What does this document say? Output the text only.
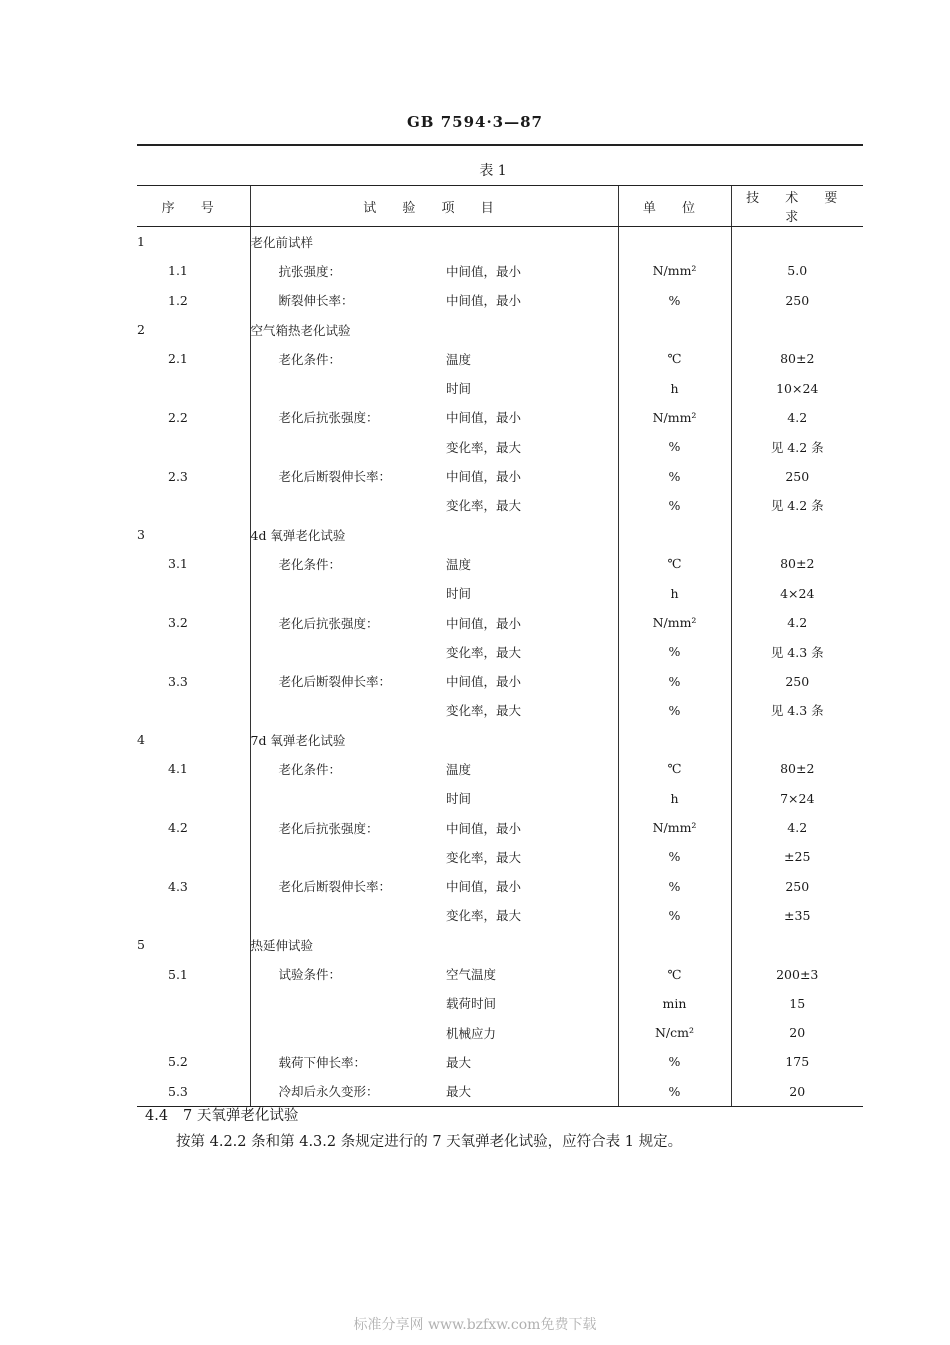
GB 7594·3—87
表 1
序 号	试 验 项 目		单 位	技 术 要 求
1	老化前试样			
1.1	抗张强度：	中间值，最小	N/mm²	5.0
1.2	断裂伸长率：	中间值，最小	%	250
2	空气箱热老化试验			
2.1	老化条件：	温度	℃	80±2
		时间	h	10×24
2.2	老化后抗张强度：	中间值，最小	N/mm²	4.2
		变化率，最大	%	见 4.2 条
2.3	老化后断裂伸长率：	中间值，最小	%	250
		变化率，最大	%	见 4.2 条
3	4d 氧弹老化试验			
3.1	老化条件：	温度	℃	80±2
		时间	h	4×24
3.2	老化后抗张强度：	中间值，最小	N/mm²	4.2
		变化率，最大	%	见 4.3 条
3.3	老化后断裂伸长率：	中间值，最小	%	250
		变化率，最大	%	见 4.3 条
4	7d 氧弹老化试验			
4.1	老化条件：	温度	℃	80±2
		时间	h	7×24
4.2	老化后抗张强度：	中间值，最小	N/mm²	4.2
		变化率，最大	%	±25
4.3	老化后断裂伸长率：	中间值，最小	%	250
		变化率，最大	%	±35
5	热延伸试验			
5.1	试验条件：	空气温度	℃	200±3
		载荷时间	min	15
		机械应力	N/cm²	20
5.2	载荷下伸长率：	最大	%	175
5.3	冷却后永久变形：	最大	%	20
4.4 7 天氧弹老化试验
按第 4.2.2 条和第 4.3.2 条规定进行的 7 天氧弹老化试验，应符合表 1 规定。
标准分享网 www.bzfxw.com免费下载
